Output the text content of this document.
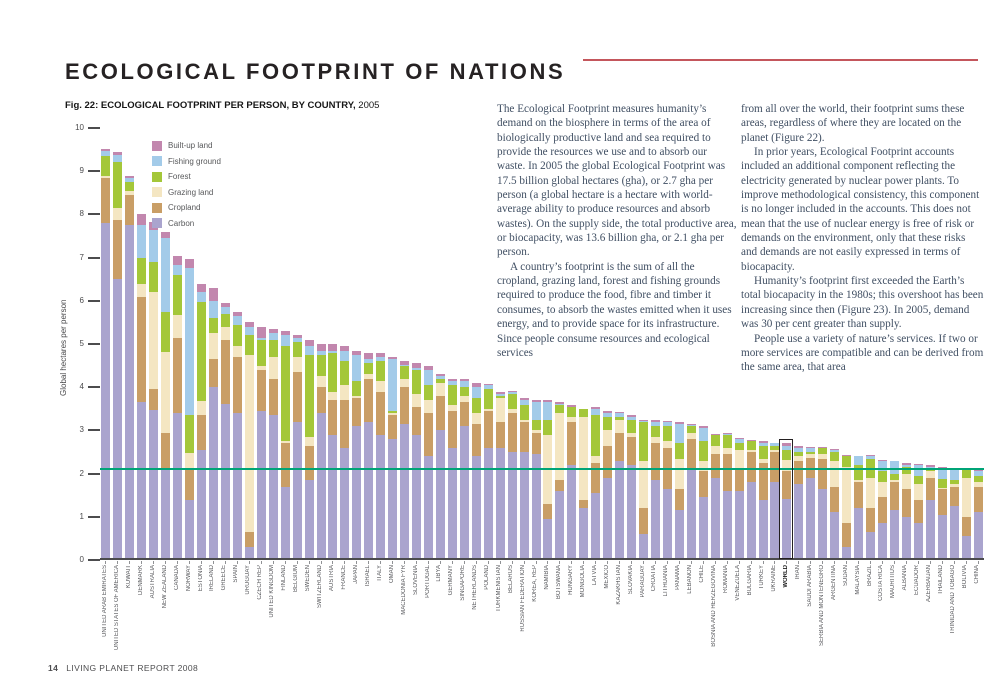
ECOLOGICAL FOOTPRINT OF NATIONS
Fig. 22: ECOLOGICAL FOOTPRINT PER PERSON, BY COUNTRY, 2005
0
1
2
3
4
5
6
7
8
9
10
Global hectares per person
UNITED ARAB EMIRATES UNITED STATES OF AMERICA KUWAIT DENMARK AUSTRALIA NEW ZEALAND CANADA NORWAY ESTONIA IRELAND GREECE SPAIN URUGUAY CZECH REP UNITED KINGDOM FINLAND BELGIUM SWEDEN SWITZERLAND AUSTRIA FRANCE JAPAN ISRAEL ITALY OMAN MACEDONIA FYR SLOVENIA PORTUGAL LIBYA GERMANY SINGAPORE NETHERLANDS POLAND TURKMENISTAN BELARUS RUSSIAN FEDERATION KOREA, REP NAMIBIA BOTSWANA HUNGARY MONGOLIA LATVIA MEXICO KAZAKHSTAN SLOVAKIA PARAGUAY CROATIA LITHUANIA PANAMA LEBANON CHILE BOSNIA AND HERZEGOVINA ROMANIA VENEZUELA BULGARIA TURKEY UKRAINE WORLD IRAN SAUDI ARABIA SERBIA AND MONTENEGRO ARGENTINA SUDAN MALAYSIA BRAZIL COSTA RICA MAURITIUS ALBANIA ECUADOR AZERBAIJAN THAILAND TRINIDAD AND TOBAGO BOLIVIA CHINA
Built-up land
Fishing ground
Forest
Grazing land
Cropland
Carbon

The Ecological Footprint measures humanity’s demand on the biosphere in terms of the area of biologically productive land and sea required to provide the resources we use and to absorb our waste. In 2005 the global Ecological Footprint was 17.5 billion global hectares (gha), or 2.7 gha per person (a global hectare is a hectare with world-average ability to produce resources and absorb wastes). On the supply side, the total productive area, or biocapacity, was 13.6 billion gha, or 2.1 gha per person.

A country’s footprint is the sum of all the cropland, grazing land, forest and fishing grounds required to produce the food, fibre and timber it consumes, to absorb the wastes emitted when it uses energy, and to provide space for its infrastructure. Since people consume resources and ecological services

from all over the world, their footprint sums these areas, regardless of where they are located on the planet (Figure 22).

In prior years, Ecological Footprint accounts included an additional component reflecting the electricity generated by nuclear power plants. To improve methodological consistency, this component is no longer included in the accounts. This does not mean that the use of nuclear energy is free of risk or demands on the environment, only that these risks and demands are not easily expressed in terms of biocapacity.

Humanity’s footprint first exceeded the Earth’s total biocapacity in the 1980s; this overshoot has been increasing since then (Figure 23). In 2005, demand was 30 per cent greater than supply.

People use a variety of nature’s services. If two or more services are compatible and can be derived from the same area, that area

14 LIVING PLANET REPORT 2008
